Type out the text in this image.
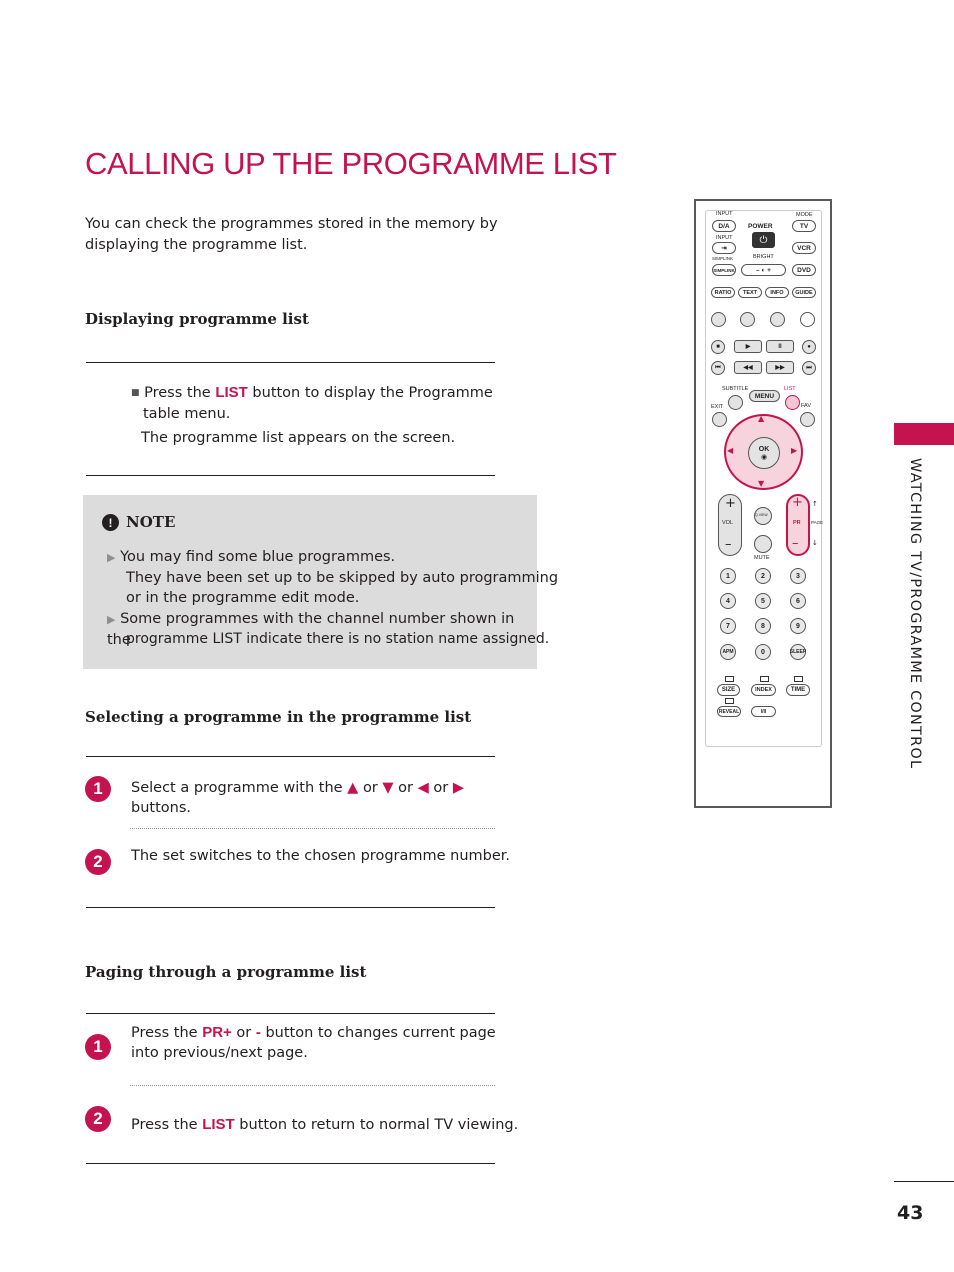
CALLING UP THE PROGRAMME LIST
You can check the programmes stored in the memory by displaying the programme list.
Displaying programme list
■ Press the LIST button to display the Programme
table menu.
The programme list appears on the screen.
! NOTE
▶ You may find some blue programmes.
They have been set up to be skipped by auto programming
or in the programme edit mode.
▶ Some programmes with the channel number shown in the
programme LIST indicate there is no station name assigned.
Selecting a programme in the programme list
1	Select a programme with the ▲ or ▼ or ◀ or ▶
buttons.
2	The set switches to the chosen programme number.
Paging through a programme list
1
Press the PR+ or - button to changes current page
into previous/next page.
2	Press the LIST button to return to normal TV viewing.
WATCHING TV/PROGRAMME CONTROL
43
INPUT	MODE
POWER
D/A	TV
⏻
INPUT
⇥	VCR
SIMPLINK	BRIGHT
SIMPLINK	– ◐ +	DVD
RATIO	TEXT	INFO	GUIDE
■	▶	II	●
⏮	◀◀	▶▶	⏭
SUBTITLE	LIST
MENU
EXIT	FAV
▲
▼
◀	▶
OK
◉
+
VOL
–
Q.VIEW
MUTE
+
PR
–
PAGE
↑
↓
1	2	3
4	5	6
7	8	9
APM	0	SLEEP
SIZE	INDEX	TIME
REVEAL	I/II
